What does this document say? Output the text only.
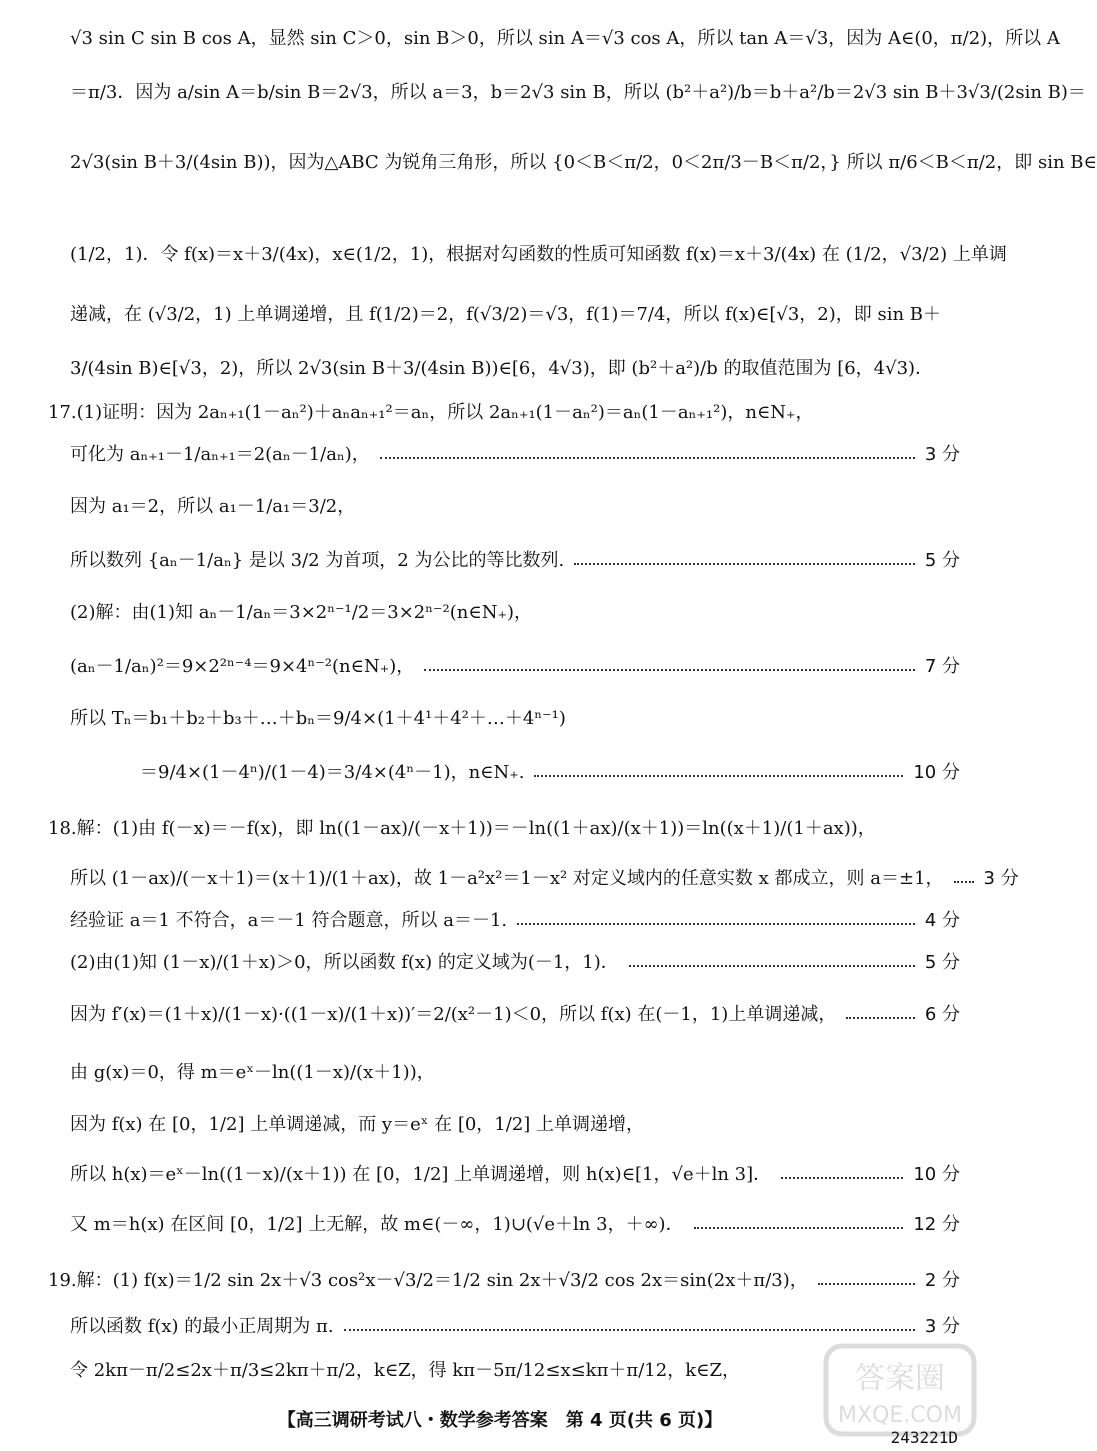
√3 sin C sin B cos A，显然 sin C＞0，sin B＞0，所以 sin A＝√3 cos A，所以 tan A＝√3，因为 A∈(0，π/2)，所以 A
＝π/3．因为 a/sin A＝b/sin B＝2√3，所以 a＝3，b＝2√3 sin B，所以 (b²＋a²)/b＝b＋a²/b＝2√3 sin B＋3√3/(2sin B)＝
2√3(sin B＋3/(4sin B))，因为△ABC 为锐角三角形，所以 {0＜B＜π/2，0＜2π/3－B＜π/2，} 所以 π/6＜B＜π/2，即 sin B∈
(1/2，1)．令 f(x)＝x＋3/(4x)，x∈(1/2，1)，根据对勾函数的性质可知函数 f(x)＝x＋3/(4x) 在 (1/2，√3/2) 上单调
递减，在 (√3/2，1) 上单调递增，且 f(1/2)＝2，f(√3/2)＝√3，f(1)＝7/4，所以 f(x)∈[√3，2)，即 sin B＋
3/(4sin B)∈[√3，2)，所以 2√3(sin B＋3/(4sin B))∈[6，4√3)，即 (b²＋a²)/b 的取值范围为 [6，4√3)．
17.(1)证明：因为 2aₙ₊₁(1－aₙ²)＋aₙaₙ₊₁²＝aₙ，所以 2aₙ₊₁(1－aₙ²)＝aₙ(1－aₙ₊₁²)，n∈N₊，
可化为 aₙ₊₁－1/aₙ₊₁＝2(aₙ－1/aₙ)，	3 分
因为 a₁＝2，所以 a₁－1/a₁＝3/2，
所以数列 {aₙ－1/aₙ} 是以 3/2 为首项，2 为公比的等比数列.	5 分
(2)解：由(1)知 aₙ－1/aₙ＝3×2ⁿ⁻¹/2＝3×2ⁿ⁻²(n∈N₊)，
(aₙ－1/aₙ)²＝9×2²ⁿ⁻⁴＝9×4ⁿ⁻²(n∈N₊)，	7 分
所以 Tₙ＝b₁＋b₂＋b₃＋…＋bₙ＝9/4×(1＋4¹＋4²＋…＋4ⁿ⁻¹)
＝9/4×(1－4ⁿ)/(1－4)＝3/4×(4ⁿ－1)，n∈N₊.	10 分
18.解：(1)由 f(－x)＝－f(x)，即 ln((1－ax)/(－x＋1))＝－ln((1＋ax)/(x＋1))＝ln((x＋1)/(1＋ax))，
所以 (1－ax)/(－x＋1)＝(x＋1)/(1＋ax)，故 1－a²x²＝1－x² 对定义域内的任意实数 x 都成立，则 a＝±1， 3 分
经验证 a＝1 不符合，a＝－1 符合题意，所以 a＝－1.	4 分
(2)由(1)知 (1－x)/(1＋x)＞0，所以函数 f(x) 的定义域为(－1，1)．	5 分
因为 f′(x)＝(1＋x)/(1－x)·((1－x)/(1＋x))′＝2/(x²－1)＜0，所以 f(x) 在(－1，1)上单调递减，	6 分
由 g(x)＝0，得 m＝eˣ－ln((1－x)/(x＋1))，
因为 f(x) 在 [0，1/2] 上单调递减，而 y＝eˣ 在 [0，1/2] 上单调递增，
所以 h(x)＝eˣ－ln((1－x)/(x＋1)) 在 [0，1/2] 上单调递增，则 h(x)∈[1，√e＋ln 3]．	10 分
又 m＝h(x) 在区间 [0，1/2] 上无解，故 m∈(－∞，1)∪(√e＋ln 3，＋∞)．	12 分
19.解：(1) f(x)＝1/2 sin 2x＋√3 cos²x－√3/2＝1/2 sin 2x＋√3/2 cos 2x＝sin(2x＋π/3)，	2 分
所以函数 f(x) 的最小正周期为 π.	3 分
令 2kπ－π/2≤2x＋π/3≤2kπ＋π/2，k∈Z，得 kπ－5π/12≤x≤kπ＋π/12，k∈Z，
【高三调研考试八・数学参考答案　第 4 页(共 6 页)】
243221D
答案圈
MXQE.COM
